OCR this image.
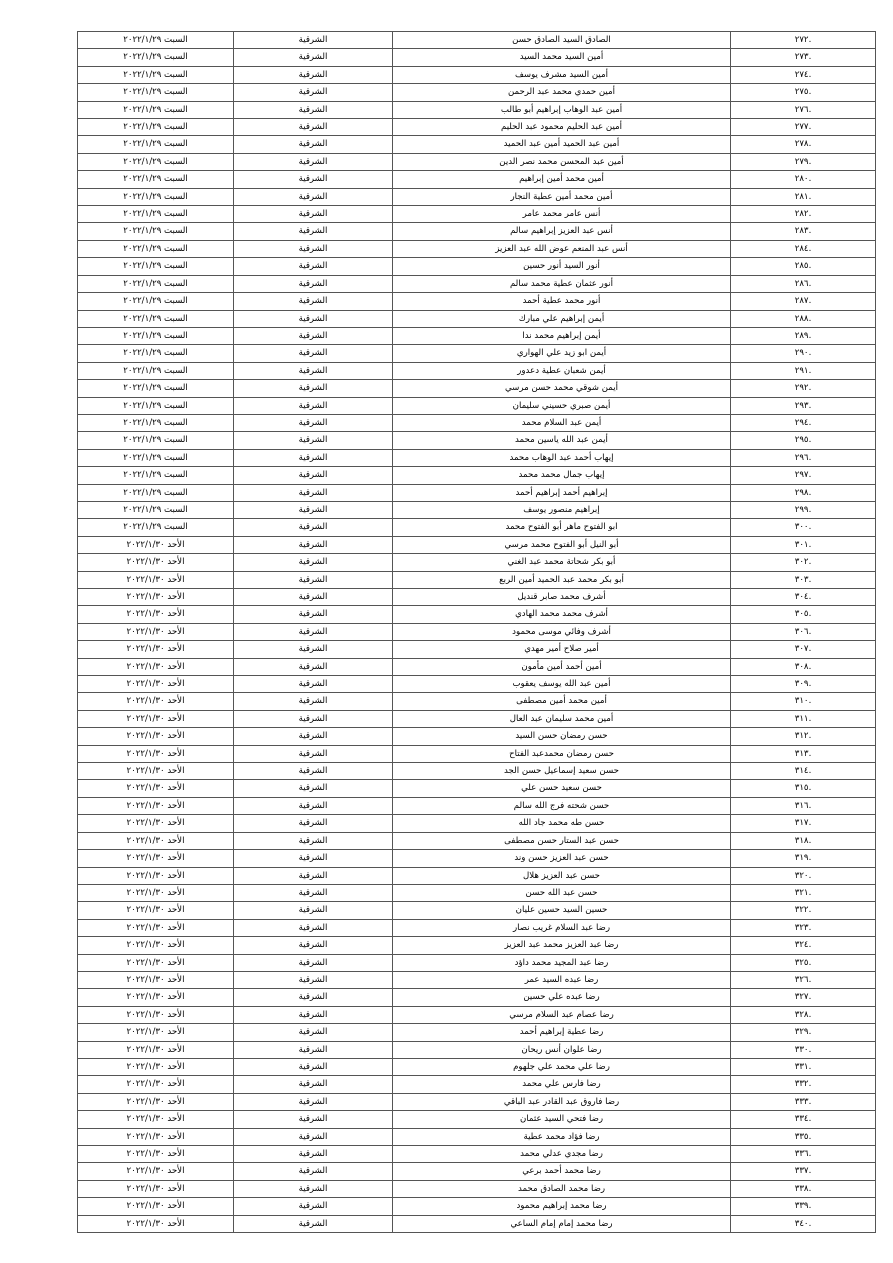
.٢٧٢	الصادق السيد الصادق حسن	الشرقية	السبت ٢٠٢٢/١/٢٩
.٢٧٣	أمين السيد محمد السيد	الشرقية	السبت ٢٠٢٢/١/٢٩
.٢٧٤	أمين السيد مشرف يوسف	الشرقية	السبت ٢٠٢٢/١/٢٩
.٢٧٥	أمين حمدي محمد عبد الرحمن	الشرقية	السبت ٢٠٢٢/١/٢٩
.٢٧٦	أمين عبد الوهاب إبراهيم أبو طالب	الشرقية	السبت ٢٠٢٢/١/٢٩
.٢٧٧	أمين عبد الحليم محمود عبد الحليم	الشرقية	السبت ٢٠٢٢/١/٢٩
.٢٧٨	أمين عبد الحميد أمين عبد الحميد	الشرقية	السبت ٢٠٢٢/١/٢٩
.٢٧٩	أمين عبد المحسن محمد نصر الدين	الشرقية	السبت ٢٠٢٢/١/٢٩
.٢٨٠	أمين محمد أمين إبراهيم	الشرقية	السبت ٢٠٢٢/١/٢٩
.٢٨١	أمين محمد أمين عطية النجار	الشرقية	السبت ٢٠٢٢/١/٢٩
.٢٨٢	أنس عامر محمد عامر	الشرقية	السبت ٢٠٢٢/١/٢٩
.٢٨٣	أنس عبد العزيز إبراهيم سالم	الشرقية	السبت ٢٠٢٢/١/٢٩
.٢٨٤	أنس عبد المنعم عوض الله عبد العزيز	الشرقية	السبت ٢٠٢٢/١/٢٩
.٢٨٥	أنور السيد أنور حسين	الشرقية	السبت ٢٠٢٢/١/٢٩
.٢٨٦	أنور عثمان عطية محمد سالم	الشرقية	السبت ٢٠٢٢/١/٢٩
.٢٨٧	أنور محمد عطية أحمد	الشرقية	السبت ٢٠٢٢/١/٢٩
.٢٨٨	أيمن إبراهيم علي مبارك	الشرقية	السبت ٢٠٢٢/١/٢٩
.٢٨٩	أيمن إبراهيم محمد ندا	الشرقية	السبت ٢٠٢٢/١/٢٩
.٢٩٠	أيمن ابو زيد علي الهواري	الشرقية	السبت ٢٠٢٢/١/٢٩
.٢٩١	أيمن شعبان عطية دعدور	الشرقية	السبت ٢٠٢٢/١/٢٩
.٢٩٢	أيمن شوقي محمد حسن مرسي	الشرقية	السبت ٢٠٢٢/١/٢٩
.٢٩٣	أيمن صبري حسيني سليمان	الشرقية	السبت ٢٠٢٢/١/٢٩
.٢٩٤	أيمن عبد السلام محمد	الشرقية	السبت ٢٠٢٢/١/٢٩
.٢٩٥	أيمن عبد الله ياسين محمد	الشرقية	السبت ٢٠٢٢/١/٢٩
.٢٩٦	إيهاب أحمد عبد الوهاب محمد	الشرقية	السبت ٢٠٢٢/١/٢٩
.٢٩٧	إيهاب جمال محمد محمد	الشرقية	السبت ٢٠٢٢/١/٢٩
.٢٩٨	إبراهيم أحمد إبراهيم أحمد	الشرقية	السبت ٢٠٢٢/١/٢٩
.٢٩٩	إبراهيم منصور يوسف	الشرقية	السبت ٢٠٢٢/١/٢٩
.٣٠٠	ابو الفتوح ماهر أبو الفتوح محمد	الشرقية	السبت ٢٠٢٢/١/٢٩
.٣٠١	أبو النيل أبو الفتوح محمد مرسي	الشرقية	الأحد ٢٠٢٢/١/٣٠
.٣٠٢	أبو بكر شحاتة محمد عبد الغني	الشرقية	الأحد ٢٠٢٢/١/٣٠
.٣٠٣	أبو بكر محمد عبد الحميد أمين الربع	الشرقية	الأحد ٢٠٢٢/١/٣٠
.٣٠٤	أشرف محمد صابر قنديل	الشرقية	الأحد ٢٠٢٢/١/٣٠
.٣٠٥	أشرف محمد محمد الهادي	الشرقية	الأحد ٢٠٢٢/١/٣٠
.٣٠٦	أشرف وفائي موسى محمود	الشرقية	الأحد ٢٠٢٢/١/٣٠
.٣٠٧	أمير صلاح أمير مهدي	الشرقية	الأحد ٢٠٢٢/١/٣٠
.٣٠٨	أمين أحمد أمين مأمون	الشرقية	الأحد ٢٠٢٢/١/٣٠
.٣٠٩	أمين عبد الله يوسف يعقوب	الشرقية	الأحد ٢٠٢٢/١/٣٠
.٣١٠	أمين محمد أمين مصطفى	الشرقية	الأحد ٢٠٢٢/١/٣٠
.٣١١	أمين محمد سليمان عبد العال	الشرقية	الأحد ٢٠٢٢/١/٣٠
.٣١٢	حسن رمضان حسن السيد	الشرقية	الأحد ٢٠٢٢/١/٣٠
.٣١٣	حسن رمضان محمدعبد الفتاح	الشرقية	الأحد ٢٠٢٢/١/٣٠
.٣١٤	حسن سعيد إسماعيل حسن الجد	الشرقية	الأحد ٢٠٢٢/١/٣٠
.٣١٥	حسن سعيد حسن علي	الشرقية	الأحد ٢٠٢٢/١/٣٠
.٣١٦	حسن شحته فرج الله سالم	الشرقية	الأحد ٢٠٢٢/١/٣٠
.٣١٧	حسن طه محمد جاد الله	الشرقية	الأحد ٢٠٢٢/١/٣٠
.٣١٨	حسن عبد الستار حسن مصطفى	الشرقية	الأحد ٢٠٢٢/١/٣٠
.٣١٩	حسن عبد العزيز حسن وند	الشرقية	الأحد ٢٠٢٢/١/٣٠
.٣٢٠	حسن عبد العزيز هلال	الشرقية	الأحد ٢٠٢٢/١/٣٠
.٣٢١	حسن عبد الله حسن	الشرقية	الأحد ٢٠٢٢/١/٣٠
.٣٢٢	حسين السيد حسين عليان	الشرقية	الأحد ٢٠٢٢/١/٣٠
.٣٢٣	رضا عبد السلام غريب نصار	الشرقية	الأحد ٢٠٢٢/١/٣٠
.٣٢٤	رضا عبد العزيز محمد عبد العزيز	الشرقية	الأحد ٢٠٢٢/١/٣٠
.٣٢٥	رضا عبد المجيد محمد داؤد	الشرقية	الأحد ٢٠٢٢/١/٣٠
.٣٢٦	رضا عبده السيد عمر	الشرقية	الأحد ٢٠٢٢/١/٣٠
.٣٢٧	رضا عبده علي حسين	الشرقية	الأحد ٢٠٢٢/١/٣٠
.٣٢٨	رضا عصام عبد السلام مرسي	الشرقية	الأحد ٢٠٢٢/١/٣٠
.٣٢٩	رضا عطية إبراهيم أحمد	الشرقية	الأحد ٢٠٢٢/١/٣٠
.٣٣٠	رضا علوان أنس ريحان	الشرقية	الأحد ٢٠٢٢/١/٣٠
.٣٣١	رضا علي محمد علي جلهوم	الشرقية	الأحد ٢٠٢٢/١/٣٠
.٣٣٢	رضا فارس علي محمد	الشرقية	الأحد ٢٠٢٢/١/٣٠
.٣٣٣	رضا فاروق عبد القادر عبد الباقي	الشرقية	الأحد ٢٠٢٢/١/٣٠
.٣٣٤	رضا فتحي السيد عثمان	الشرقية	الأحد ٢٠٢٢/١/٣٠
.٣٣٥	رضا فؤاد محمد عطية	الشرقية	الأحد ٢٠٢٢/١/٣٠
.٣٣٦	رضا مجدي عدلي محمد	الشرقية	الأحد ٢٠٢٢/١/٣٠
.٣٣٧	رضا محمد أحمد برعي	الشرقية	الأحد ٢٠٢٢/١/٣٠
.٣٣٨	رضا محمد الصادق محمد	الشرقية	الأحد ٢٠٢٢/١/٣٠
.٣٣٩	رضا محمد إبراهيم محمود	الشرقية	الأحد ٢٠٢٢/١/٣٠
.٣٤٠	رضا محمد إمام إمام الساعي	الشرقية	الأحد ٢٠٢٢/١/٣٠
